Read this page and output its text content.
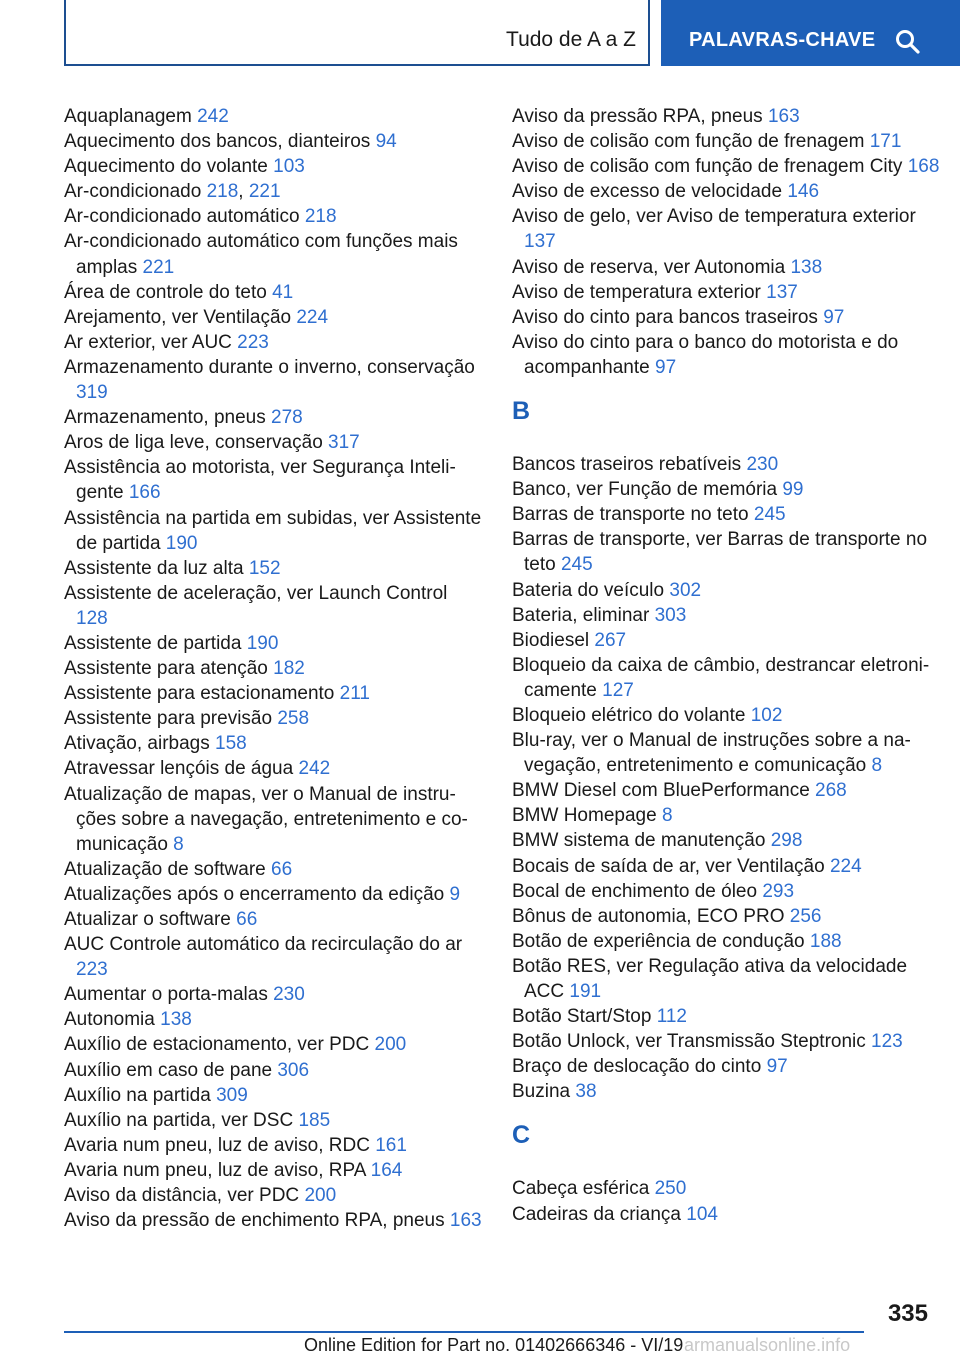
Tudo de A a Z	PALAVRAS-CHAVE
Aquaplanagem 242
Aquecimento dos bancos, dianteiros 94
Aquecimento do volante 103
Ar-condicionado 218, 221
Ar-condicionado automático 218
Ar-condicionado automático com funções mais amplas 221
Área de controle do teto 41
Arejamento, ver Ventilação 224
Ar exterior, ver AUC 223
Armazenamento durante o inverno, conservação 319
Armazenamento, pneus 278
Aros de liga leve, conservação 317
Assistência ao motorista, ver Segurança Inteligente 166
Assistência na partida em subidas, ver Assistente de partida 190
Assistente da luz alta 152
Assistente de aceleração, ver Launch Control 128
Assistente de partida 190
Assistente para atenção 182
Assistente para estacionamento 211
Assistente para previsão 258
Ativação, airbags 158
Atravessar lençóis de água 242
Atualização de mapas, ver o Manual de instruções sobre a navegação, entretenimento e comunicação 8
Atualização de software 66
Atualizações após o encerramento da edição 9
Atualizar o software 66
AUC Controle automático da recirculação do ar 223
Aumentar o porta-malas 230
Autonomia 138
Auxílio de estacionamento, ver PDC 200
Auxílio em caso de pane 306
Auxílio na partida 309
Auxílio na partida, ver DSC 185
Avaria num pneu, luz de aviso, RDC 161
Avaria num pneu, luz de aviso, RPA 164
Aviso da distância, ver PDC 200
Aviso da pressão de enchimento RPA, pneus 163
Aviso da pressão RPA, pneus 163
Aviso de colisão com função de frenagem 171
Aviso de colisão com função de frenagem City 168
Aviso de excesso de velocidade 146
Aviso de gelo, ver Aviso de temperatura exterior 137
Aviso de reserva, ver Autonomia 138
Aviso de temperatura exterior 137
Aviso do cinto para bancos traseiros 97
Aviso do cinto para o banco do motorista e do acompanhante 97
B
Bancos traseiros rebatíveis 230
Banco, ver Função de memória 99
Barras de transporte no teto 245
Barras de transporte, ver Barras de transporte no teto 245
Bateria do veículo 302
Bateria, eliminar 303
Biodiesel 267
Bloqueio da caixa de câmbio, destrancar eletronicamente 127
Bloqueio elétrico do volante 102
Blu-ray, ver o Manual de instruções sobre a navegação, entretenimento e comunicação 8
BMW Diesel com BluePerformance 268
BMW Homepage 8
BMW sistema de manutenção 298
Bocais de saída de ar, ver Ventilação 224
Bocal de enchimento de óleo 293
Bônus de autonomia, ECO PRO 256
Botão de experiência de condução 188
Botão RES, ver Regulação ativa da velocidade ACC 191
Botão Start/Stop 112
Botão Unlock, ver Transmissão Steptronic 123
Braço de deslocação do cinto 97
Buzina 38
C
Cabeça esférica 250
Cadeiras da criança 104
335
Online Edition for Part no. 01402666346 - VI/19 armanualsonline.info
